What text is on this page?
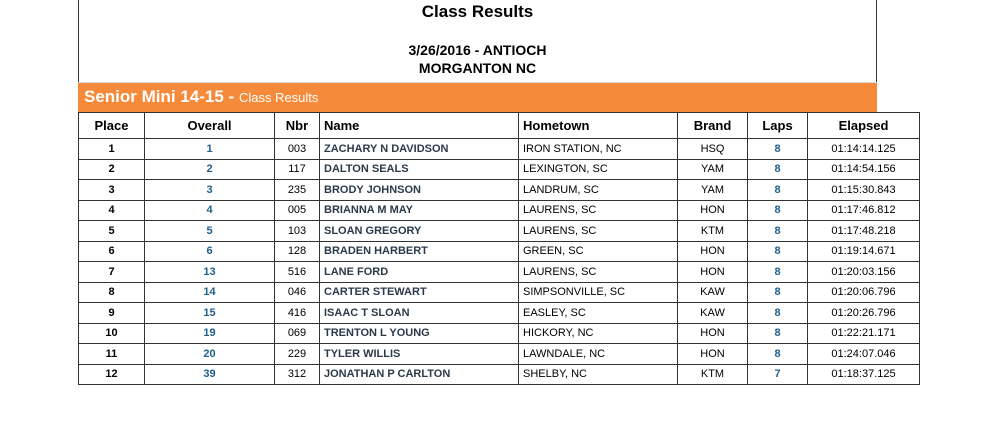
Class Results
3/26/2016 - ANTIOCH
MORGANTON NC
Senior Mini 14-15 - Class Results
Place	Overall	Nbr	Name	Hometown	Brand	Laps	Elapsed
1	1	003	ZACHARY N DAVIDSON	IRON STATION, NC	HSQ	8	01:14:14.125
2	2	117	DALTON SEALS	LEXINGTON, SC	YAM	8	01:14:54.156
3	3	235	BRODY JOHNSON	LANDRUM, SC	YAM	8	01:15:30.843
4	4	005	BRIANNA M MAY	LAURENS, SC	HON	8	01:17:46.812
5	5	103	SLOAN GREGORY	LAURENS, SC	KTM	8	01:17:48.218
6	6	128	BRADEN HARBERT	GREEN, SC	HON	8	01:19:14.671
7	13	516	LANE FORD	LAURENS, SC	HON	8	01:20:03.156
8	14	046	CARTER STEWART	SIMPSONVILLE, SC	KAW	8	01:20:06.796
9	15	416	ISAAC T SLOAN	EASLEY, SC	KAW	8	01:20:26.796
10	19	069	TRENTON L YOUNG	HICKORY, NC	HON	8	01:22:21.171
11	20	229	TYLER WILLIS	LAWNDALE, NC	HON	8	01:24:07.046
12	39	312	JONATHAN P CARLTON	SHELBY, NC	KTM	7	01:18:37.125
